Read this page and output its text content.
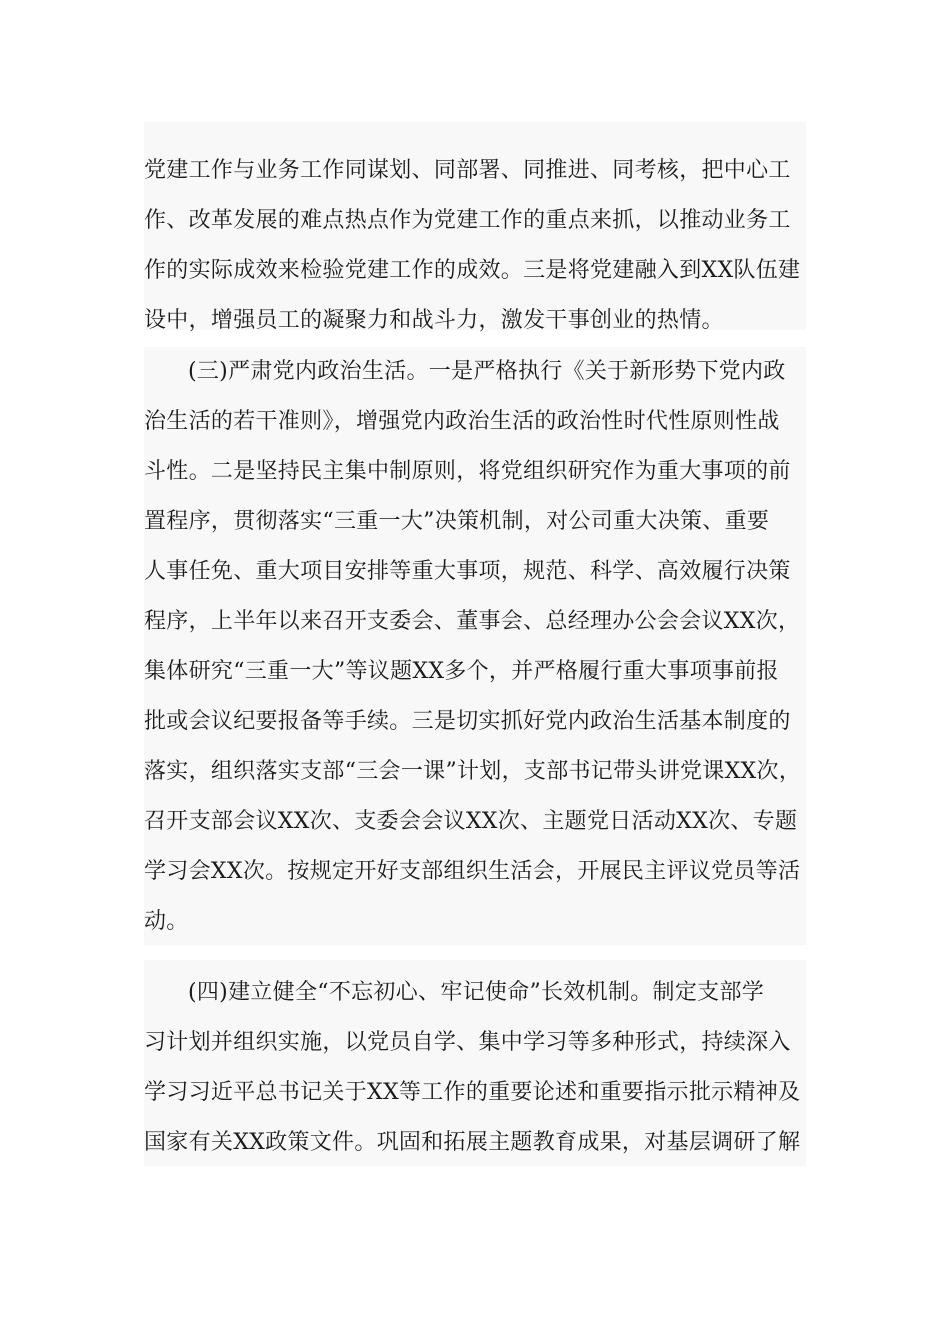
党建工作与业务工作同谋划、同部署、同推进、同考核，把中心工
作、改革发展的难点热点作为党建工作的重点来抓，以推动业务工
作的实际成效来检验党建工作的成效。三是将党建融入到XX队伍建
设中，增强员工的凝聚力和战斗力，激发干事创业的热情。
(三)严肃党内政治生活。一是严格执行《关于新形势下党内政
治生活的若干准则》，增强党内政治生活的政治性时代性原则性战
斗性。二是坚持民主集中制原则，将党组织研究作为重大事项的前
置程序，贯彻落实“三重一大”决策机制，对公司重大决策、重要
人事任免、重大项目安排等重大事项，规范、科学、高效履行决策
程序，上半年以来召开支委会、董事会、总经理办公会会议XX次，
集体研究“三重一大”等议题XX多个，并严格履行重大事项事前报
批或会议纪要报备等手续。三是切实抓好党内政治生活基本制度的
落实，组织落实支部“三会一课”计划，支部书记带头讲党课XX次，
召开支部会议XX次、支委会会议XX次、主题党日活动XX次、专题
学习会XX次。按规定开好支部组织生活会，开展民主评议党员等活
动。
(四)建立健全“不忘初心、牢记使命”长效机制。制定支部学
习计划并组织实施，以党员自学、集中学习等多种形式，持续深入
学习习近平总书记关于XX等工作的重要论述和重要指示批示精神及
国家有关XX政策文件。巩固和拓展主题教育成果，对基层调研了解
